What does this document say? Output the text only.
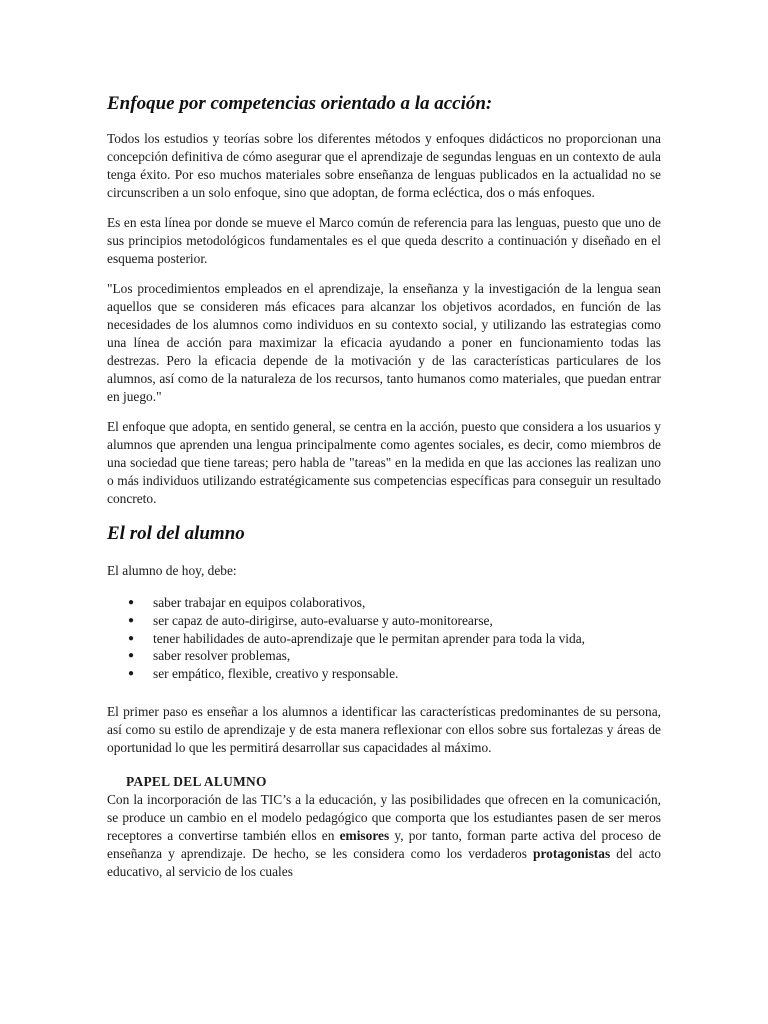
Enfoque por competencias orientado a la acción:

Todos los estudios y teorías sobre los diferentes métodos y enfoques didácticos no proporcionan una concepción definitiva de cómo asegurar que el aprendizaje de segundas lenguas en un contexto de aula tenga éxito. Por eso muchos materiales sobre enseñanza de lenguas publicados en la actualidad no se circunscriben a un solo enfoque, sino que adoptan, de forma ecléctica, dos o más enfoques.

Es en esta línea por donde se mueve el Marco común de referencia para las lenguas, puesto que uno de sus principios metodológicos fundamentales es el que queda descrito a continuación y diseñado en el esquema posterior.

"Los procedimientos empleados en el aprendizaje, la enseñanza y la investigación de la lengua sean aquellos que se consideren más eficaces para alcanzar los objetivos acordados, en función de las necesidades de los alumnos como individuos en su contexto social, y utilizando las estrategias como una línea de acción para maximizar la eficacia ayudando a poner en funcionamiento todas las destrezas. Pero la eficacia depende de la motivación y de las características particulares de los alumnos, así como de la naturaleza de los recursos, tanto humanos como materiales, que puedan entrar en juego."

El enfoque que adopta, en sentido general, se centra en la acción, puesto que considera a los usuarios y alumnos que aprenden una lengua principalmente como agentes sociales, es decir, como miembros de una sociedad que tiene tareas; pero habla de "tareas" en la medida en que las acciones las realizan uno o más individuos utilizando estratégicamente sus competencias específicas para conseguir un resultado concreto.

El rol del alumno

El alumno de hoy, debe:

● saber trabajar en equipos colaborativos,
● ser capaz de auto-dirigirse, auto-evaluarse y auto-monitorearse,
● tener habilidades de auto-aprendizaje que le permitan aprender para toda la vida,
● saber resolver problemas,
● ser empático, flexible, creativo y responsable.

El primer paso es enseñar a los alumnos a identificar las características predominantes de su persona, así como su estilo de aprendizaje y de esta manera reflexionar con ellos sobre sus fortalezas y áreas de oportunidad lo que les permitirá desarrollar sus capacidades al máximo.

PAPEL DEL ALUMNO

Con la incorporación de las TIC’s a la educación, y las posibilidades que ofrecen en la comunicación, se produce un cambio en el modelo pedagógico que comporta que los estudiantes pasen de ser meros receptores a convertirse también ellos en emisores y, por tanto, forman parte activa del proceso de enseñanza y aprendizaje. De hecho, se les considera como los verdaderos protagonistas del acto educativo, al servicio de los cuales
